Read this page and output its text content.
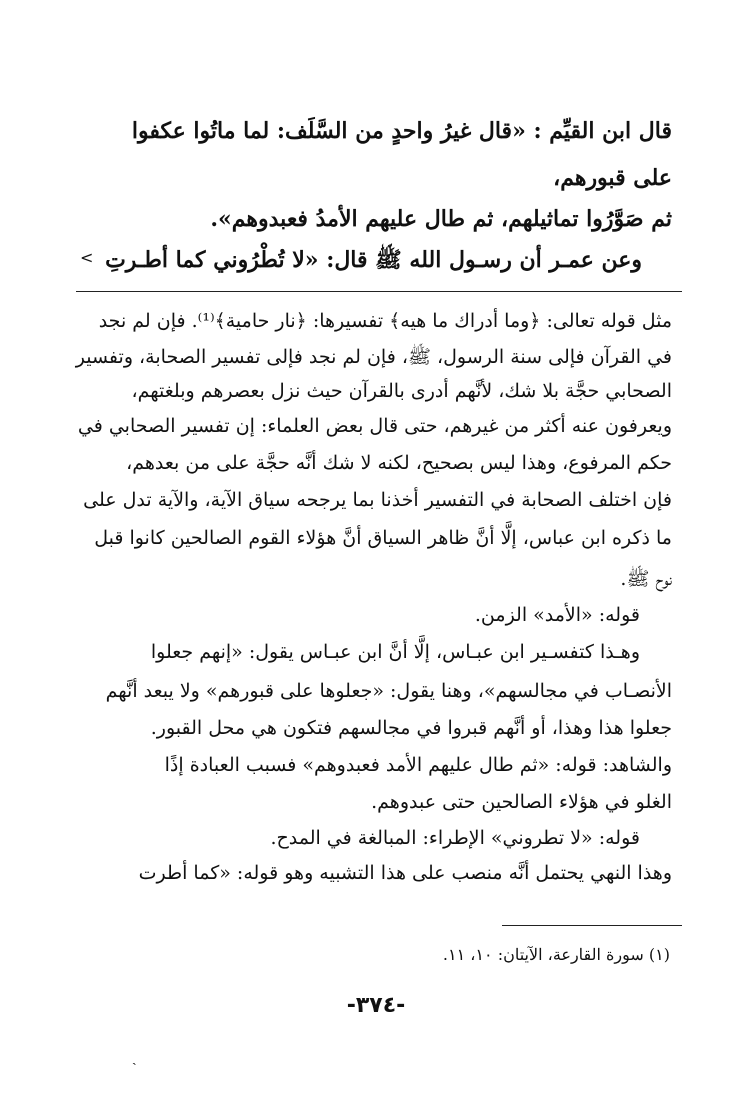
قال ابن القيِّم : «قال غيرُ واحدٍ من السَّلَف: لما ماتُوا عكفوا
على قبورهم،
ثم صَوَّرُوا تماثيلهم، ثم طال عليهم الأمدُ فعبدوهم».
وعن عمـر أن رسـول الله ﷺ قال: «لا تُطْرُوني كما أطـرتِ
<
مثل قوله تعالى: ﴿وما أدراك ما هيه﴾ تفسيرها: ﴿نار حامية﴾⁽¹⁾. فإن لم نجد
في القرآن فإلى سنة الرسول، ﷺ، فإن لم نجد فإلى تفسير الصحابة، وتفسير
الصحابي حجَّة بلا شك، لأنَّهم أدرى بالقرآن حيث نزل بعصرهم وبلغتهم،
ويعرفون عنه أكثر من غيرهم، حتى قال بعض العلماء: إن تفسير الصحابي في
حكم المرفوع، وهذا ليس بصحيح، لكنه لا شك أنَّه حجَّة على من بعدهم،
فإن اختلف الصحابة في التفسير أخذنا بما يرجحه سياق الآية، والآية تدل على
ما ذكره ابن عباس، إلَّا أنَّ ظاهر السياق أنَّ هؤلاء القوم الصالحين كانوا قبل
نوح ﷺ.
قوله: «الأمد» الزمن.
وهـذا كتفسـير ابن عبـاس، إلَّا أنَّ ابن عبـاس يقول: «إنهم جعلوا
الأنصـاب في مجالسهم»، وهنا يقول: «جعلوها على قبورهم» ولا يبعد أنَّهم
جعلوا هذا وهذا، أو أنَّهم قبروا في مجالسهم فتكون هي محل القبور.
والشاهد: قوله: «ثم طال عليهم الأمد فعبدوهم» فسبب العبادة إذًا
الغلو في هؤلاء الصالحين حتى عبدوهم.
قوله: «لا تطروني» الإطراء: المبالغة في المدح.
وهذا النهي يحتمل أنَّه منصب على هذا التشبيه وهو قوله: «كما أطرت
(١) سورة القارعة، الآيتان: ١٠، ١١.
-٣٧٤-
ˎ
